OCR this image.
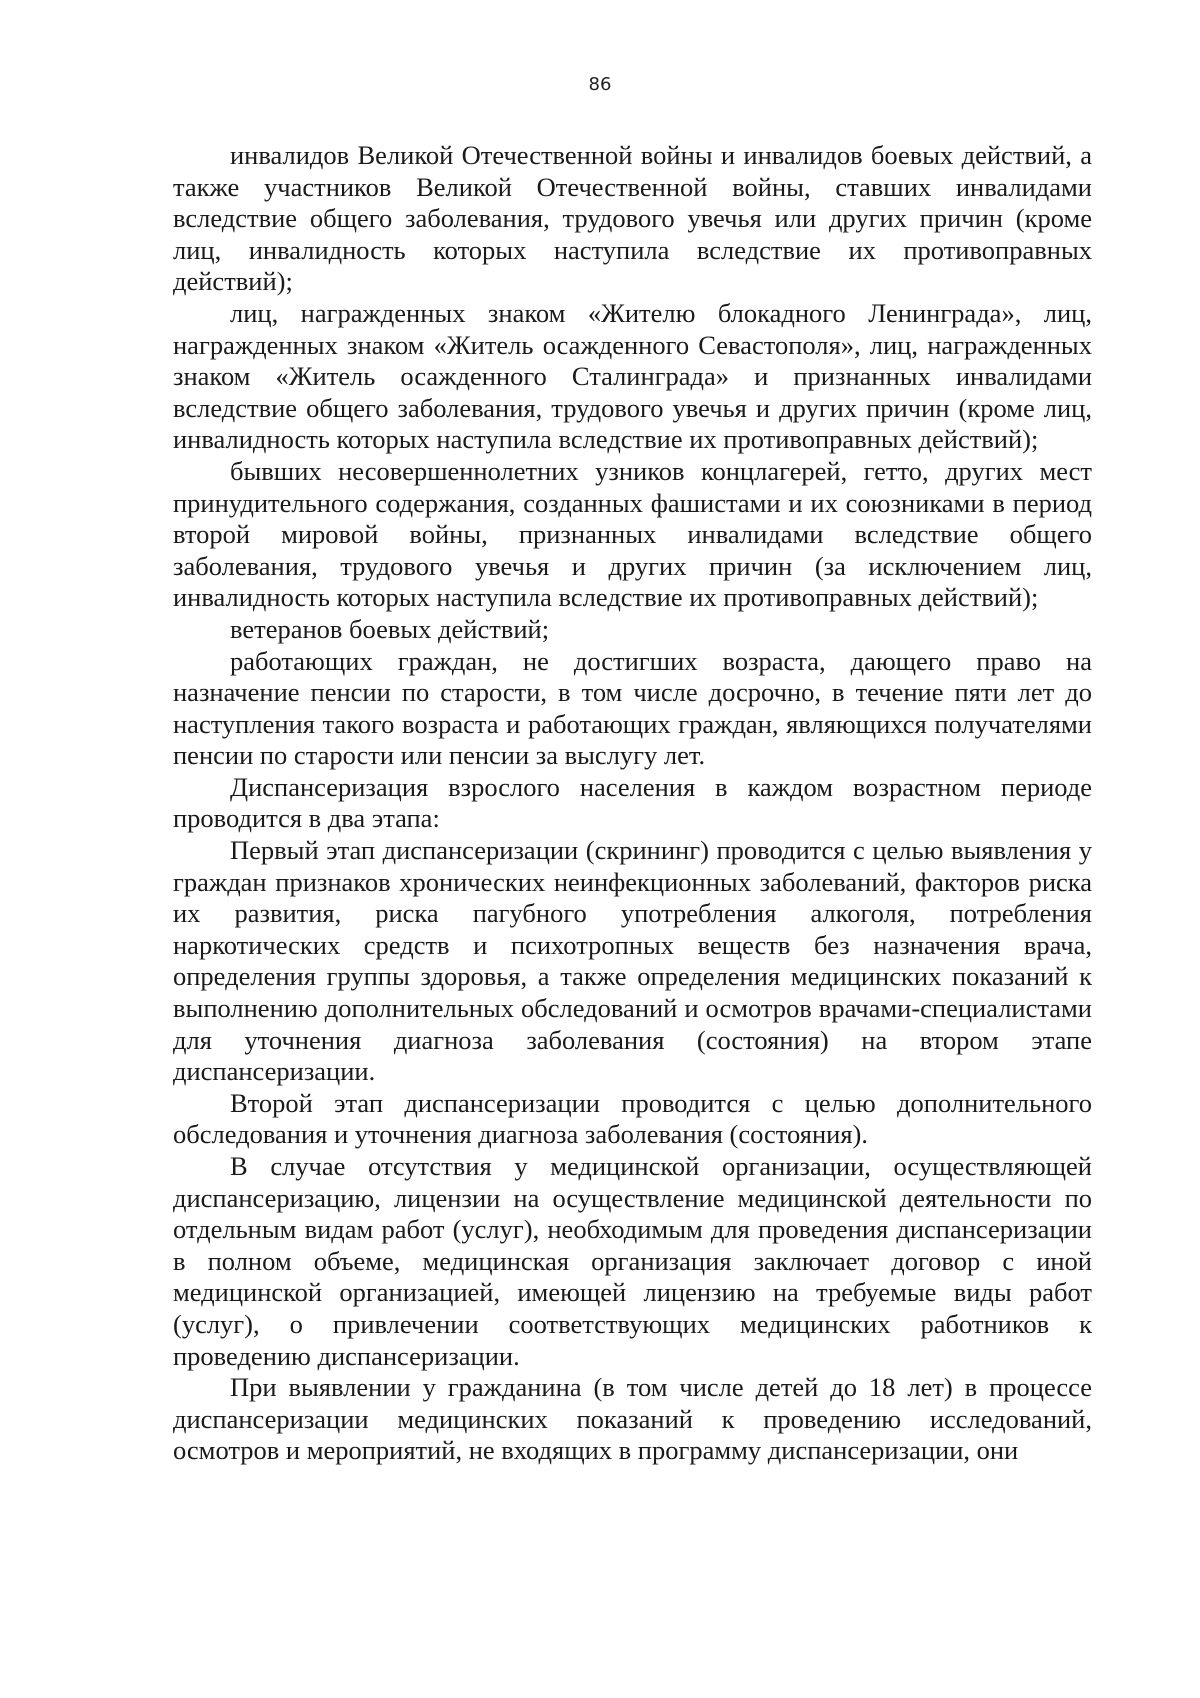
86

инвалидов Великой Отечественной войны и инвалидов боевых действий, а также участников Великой Отечественной войны, ставших инвалидами вследствие общего заболевания, трудового увечья или других причин (кроме лиц, инвалидность которых наступила вследствие их противоправных действий);

лиц, награжденных знаком «Жителю блокадного Ленинграда», лиц, награжденных знаком «Житель осажденного Севастополя», лиц, награжденных знаком «Житель осажденного Сталинграда» и признанных инвалидами вследствие общего заболевания, трудового увечья и других причин (кроме лиц, инвалидность которых наступила вследствие их противоправных действий);

бывших несовершеннолетних узников концлагерей, гетто, других мест принудительного содержания, созданных фашистами и их союзниками в период второй мировой войны, признанных инвалидами вследствие общего заболевания, трудового увечья и других причин (за исключением лиц, инвалидность которых наступила вследствие их противоправных действий);

ветеранов боевых действий;

работающих граждан, не достигших возраста, дающего право на назначение пенсии по старости, в том числе досрочно, в течение пяти лет до наступления такого возраста и работающих граждан, являющихся получателями пенсии по старости или пенсии за выслугу лет.

Диспансеризация взрослого населения в каждом возрастном периоде проводится в два этапа:

Первый этап диспансеризации (скрининг) проводится с целью выявления у граждан признаков хронических неинфекционных заболеваний, факторов риска их развития, риска пагубного употребления алкоголя, потребления наркотических средств и психотропных веществ без назначения врача, определения группы здоровья, а также определения медицинских показаний к выполнению дополнительных обследований и осмотров врачами-специалистами для уточнения диагноза заболевания (состояния) на втором этапе диспансеризации.

Второй этап диспансеризации проводится с целью дополнительного обследования и уточнения диагноза заболевания (состояния).

В случае отсутствия у медицинской организации, осуществляющей диспансеризацию, лицензии на осуществление медицинской деятельности по отдельным видам работ (услуг), необходимым для проведения диспансеризации в полном объеме, медицинская организация заключает договор с иной медицинской организацией, имеющей лицензию на требуемые виды работ (услуг), о привлечении соответствующих медицинских работников к проведению диспансеризации.

При выявлении у гражданина (в том числе детей до 18 лет) в процессе диспансеризации медицинских показаний к проведению исследований, осмотров и мероприятий, не входящих в программу диспансеризации, они
